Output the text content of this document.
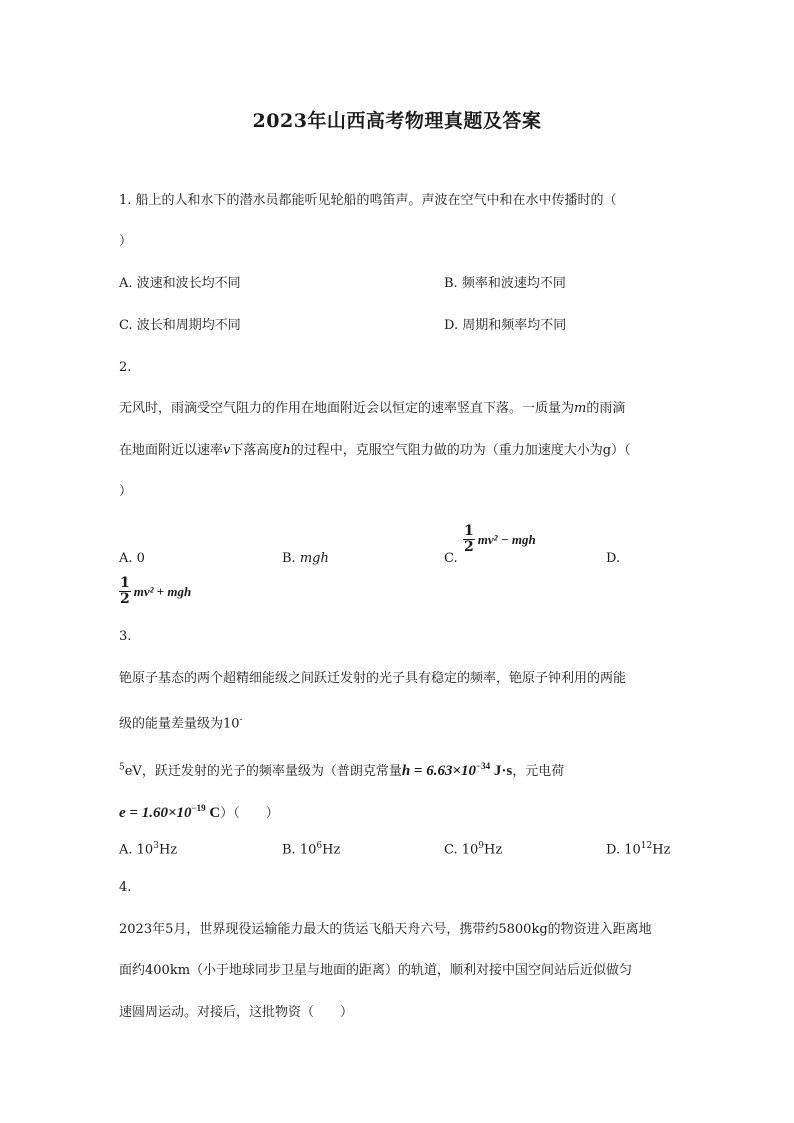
2023年山西高考物理真题及答案
1. 船上的人和水下的潜水员都能听见轮船的鸣笛声。声波在空气中和在水中传播时的（
）
A. 波速和波长均不同	B. 频率和波速均不同
C. 波长和周期均不同	D. 周期和频率均不同
2.
无风时，雨滴受空气阻力的作用在地面附近会以恒定的速率竖直下落。一质量为m的雨滴
在地面附近以速率v下落高度h的过程中，克服空气阻力做的功为（重力加速度大小为g）（
）
A. 0	B. mgh	C.
$\frac{1}{2} mv^2$ − mgh
D.
$\frac{1}{2} mv^2$ + mgh
3.
铯原子基态的两个超精细能级之间跃迁发射的光子具有稳定的频率，铯原子钟利用的两能
级的能量差量级为10-
$^5$eV，跃迁发射的光子的频率量级为（普朗克常量$h = 6.63\times 10^{-34}$ J·s，元电荷
$e = 1.60\times 10^{-19}$ C）（　　）
A. $10^3Hz$	B. $10^6Hz$	C. $10^9Hz$	D. $10^{12}Hz$
4.
2023年5月，世界现役运输能力最大的货运飞船天舟六号，携带约5800kg的物资进入距离地
面约400km（小于地球同步卫星与地面的距离）的轨道，顺利对接中国空间站后近似做匀
速圆周运动。对接后，这批物资（　　）
